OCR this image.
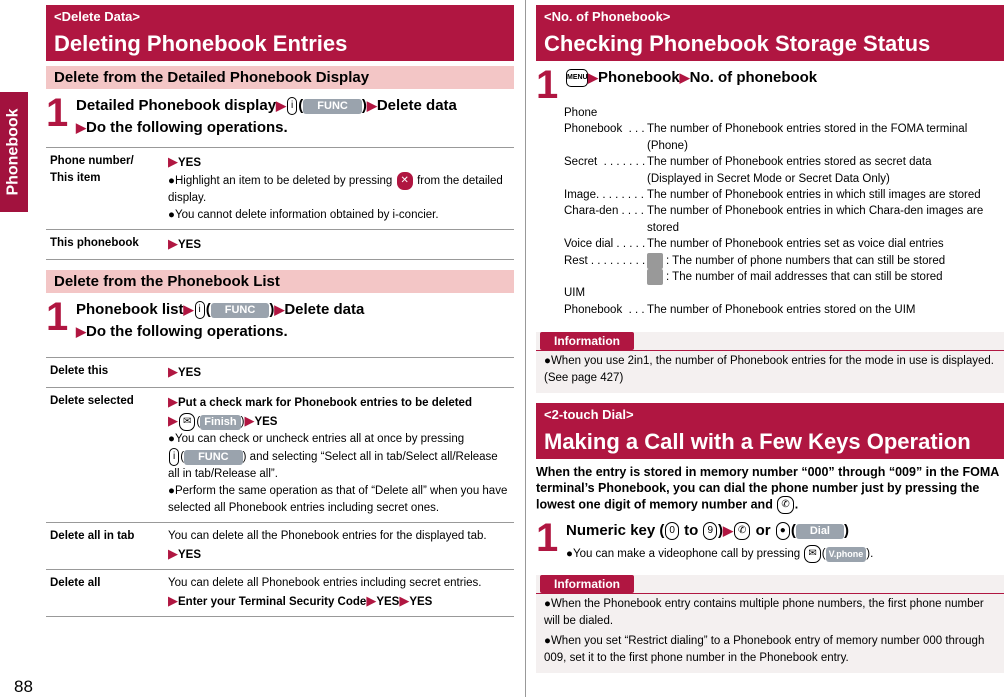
Phonebook
88
<Delete Data>
Deleting Phonebook Entries
Delete from the Detailed Phonebook Display
1 Detailed Phonebook display▶ i ( FUNC )▶Delete data
▶Do the following operations.
Phone number/
This item	▶YES
●Highlight an item to be deleted by pressing ✕ from the detailed display.
●You cannot delete information obtained by i-concier.
This phonebook	▶YES
Delete from the Phonebook List
1 Phonebook list▶ i ( FUNC )▶Delete data
▶Do the following operations.
Delete this	▶YES
Delete selected	▶Put a check mark for Phonebook entries to be deleted
▶ ✉ ( Finish )▶YES
●You can check or uncheck entries all at once by pressing
i ( FUNC ) and selecting “Select all in tab/Select all/Release all in tab/Release all”.
●Perform the same operation as that of “Delete all” when you have selected all Phonebook entries including secret ones.
Delete all in tab	You can delete all the Phonebook entries for the displayed tab.
▶YES
Delete all	You can delete all Phonebook entries including secret entries.
▶Enter your Terminal Security Code▶YES▶YES
<No. of Phonebook>
Checking Phonebook Storage Status
1	MENU▶Phonebook▶No. of phonebook
Phone
Phonebook  . . . The number of Phonebook entries stored in the FOMA terminal
(Phone)
Secret  . . . . . . . The number of Phonebook entries stored as secret data
(Displayed in Secret Mode or Secret Data Only)
Image. . . . . . . . The number of Phonebook entries in which still images are stored
Chara-den . . . . The number of Phonebook entries in which Chara-den images are
stored
Voice dial . . . . . The number of Phonebook entries set as voice dial entries
Rest . . . . . . . . . : The number of phone numbers that can still be stored
: The number of mail addresses that can still be stored
UIM
Phonebook  . . . The number of Phonebook entries stored on the UIM
Information
●When you use 2in1, the number of Phonebook entries for the mode in use is displayed. (See page 427)
<2-touch Dial>
Making a Call with a Few Keys Operation
When the entry is stored in memory number “000” through “009” in the FOMA terminal’s Phonebook, you can dial the phone number just by pressing the lowest one digit of memory number and ✆ .
1 Numeric key ( 0 to 9 )▶ ✆ or ● ( Dial )
●You can make a videophone call by pressing ✉ ( V.phone ).
Information
●When the Phonebook entry contains multiple phone numbers, the first phone number will be dialed.
●When you set “Restrict dialing” to a Phonebook entry of memory number 000 through 009, set it to the first phone number in the Phonebook entry.
